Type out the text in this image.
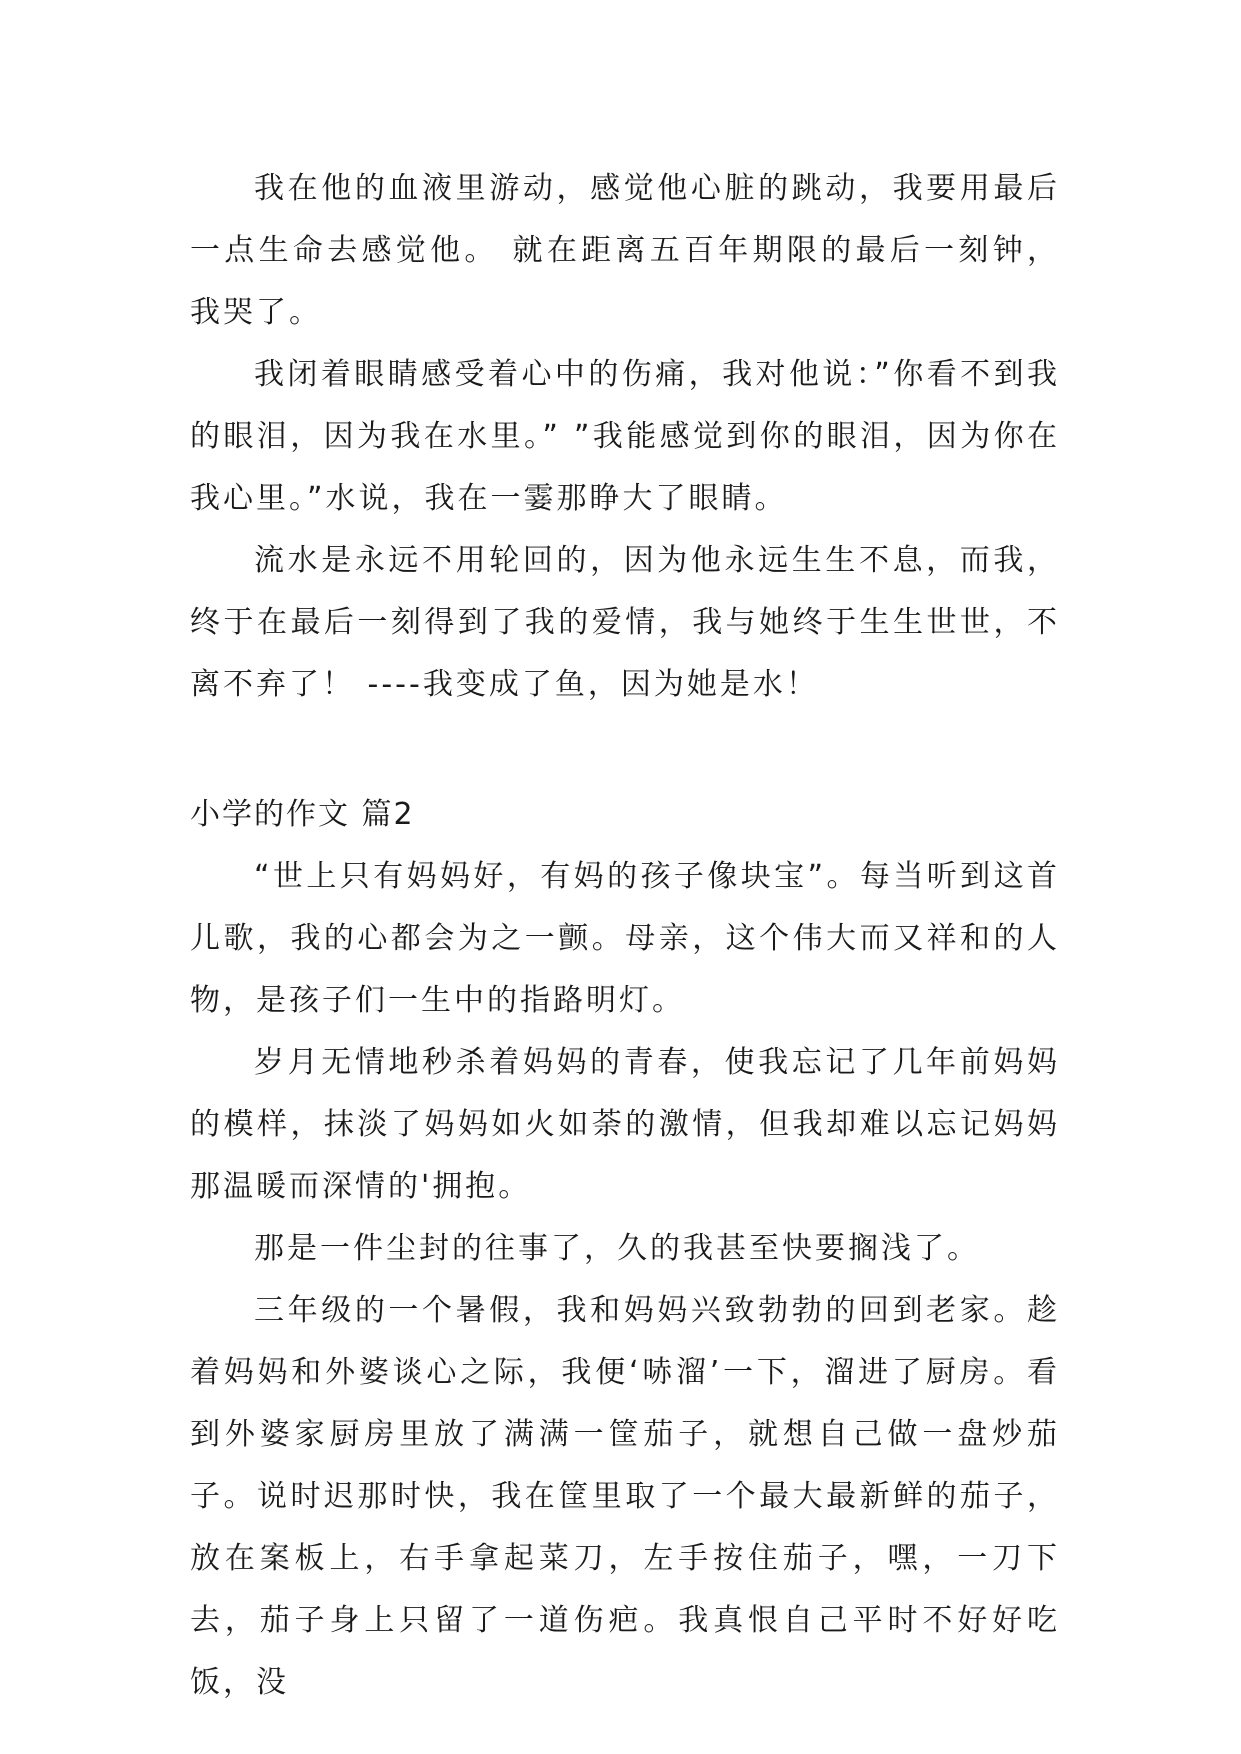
我在他的血液里游动，感觉他心脏的跳动，我要用最后一点生命去感觉他。 就在距离五百年期限的最后一刻钟，我哭了。

我闭着眼睛感受着心中的伤痛，我对他说：”你看不到我的眼泪，因为我在水里。” ”我能感觉到你的眼泪，因为你在我心里。”水说，我在一霎那睁大了眼睛。

流水是永远不用轮回的，因为他永远生生不息，而我，终于在最后一刻得到了我的爱情，我与她终于生生世世，不离不弃了！ ----我变成了鱼，因为她是水！

小学的作文 篇2

“世上只有妈妈好，有妈的孩子像块宝”。每当听到这首儿歌，我的心都会为之一颤。母亲，这个伟大而又祥和的人物，是孩子们一生中的指路明灯。

岁月无情地秒杀着妈妈的青春，使我忘记了几年前妈妈的模样，抹淡了妈妈如火如荼的激情，但我却难以忘记妈妈那温暖而深情的'拥抱。

那是一件尘封的往事了，久的我甚至快要搁浅了。

三年级的一个暑假，我和妈妈兴致勃勃的回到老家。趁着妈妈和外婆谈心之际，我便‘哧溜’一下，溜进了厨房。看到外婆家厨房里放了满满一筐茄子，就想自己做一盘炒茄子。说时迟那时快，我在筐里取了一个最大最新鲜的茄子，放在案板上，右手拿起菜刀，左手按住茄子，嘿，一刀下去，茄子身上只留了一道伤疤。我真恨自己平时不好好吃饭，没
